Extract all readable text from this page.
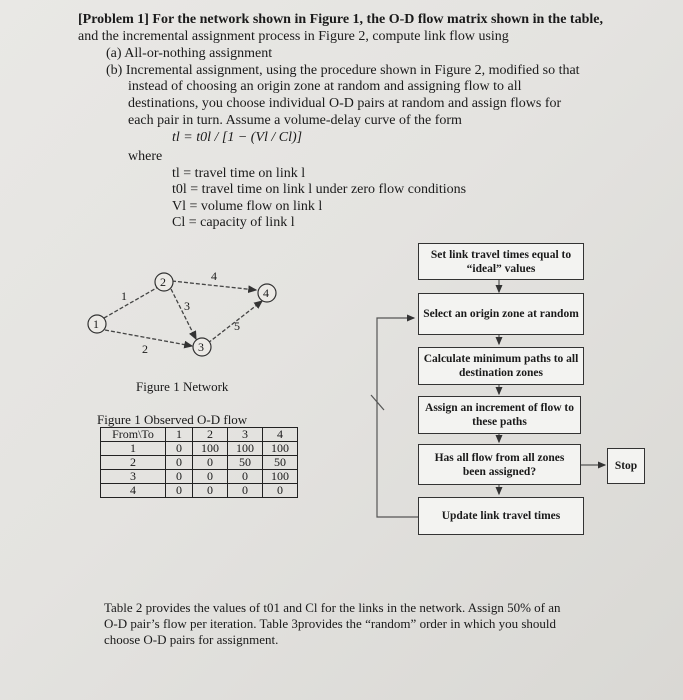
[Problem 1] For the network shown in Figure 1, the O-D flow matrix shown in the table,
and the incremental assignment process in Figure 2, compute link flow using
(a) All-or-nothing assignment
(b) Incremental assignment, using the procedure shown in Figure 2, modified so that
instead of choosing an origin zone at random and assigning flow to all
destinations, you choose individual O-D pairs at random and assign flows for
each pair in turn. Assume a volume-delay curve of the form
tl = t0l / [1 − (Vl / Cl)]
where
tl = travel time on link l
t0l = travel time on link l under zero flow conditions
Vl = volume flow on link l
Cl = capacity of link l
1
2
3
4
1
2
3
4
5
Figure 1 Network
Figure 1 Observed O-D flow
From\To	1	2	3	4
1	0	100	100	100
2	0	0	50	50
3	0	0	0	100
4	0	0	0	0
Set link travel times equal to “ideal” values
Select an origin zone at random
Calculate minimum paths to all destination zones
Assign an increment of flow to these paths
Has all flow from all zones been assigned?	Stop
Update link travel times
Table 2 provides the values of t01 and Cl for the links in the network. Assign 50% of an
O-D pair’s flow per iteration. Table 3provides the “random” order in which you should
choose O-D pairs for assignment.
